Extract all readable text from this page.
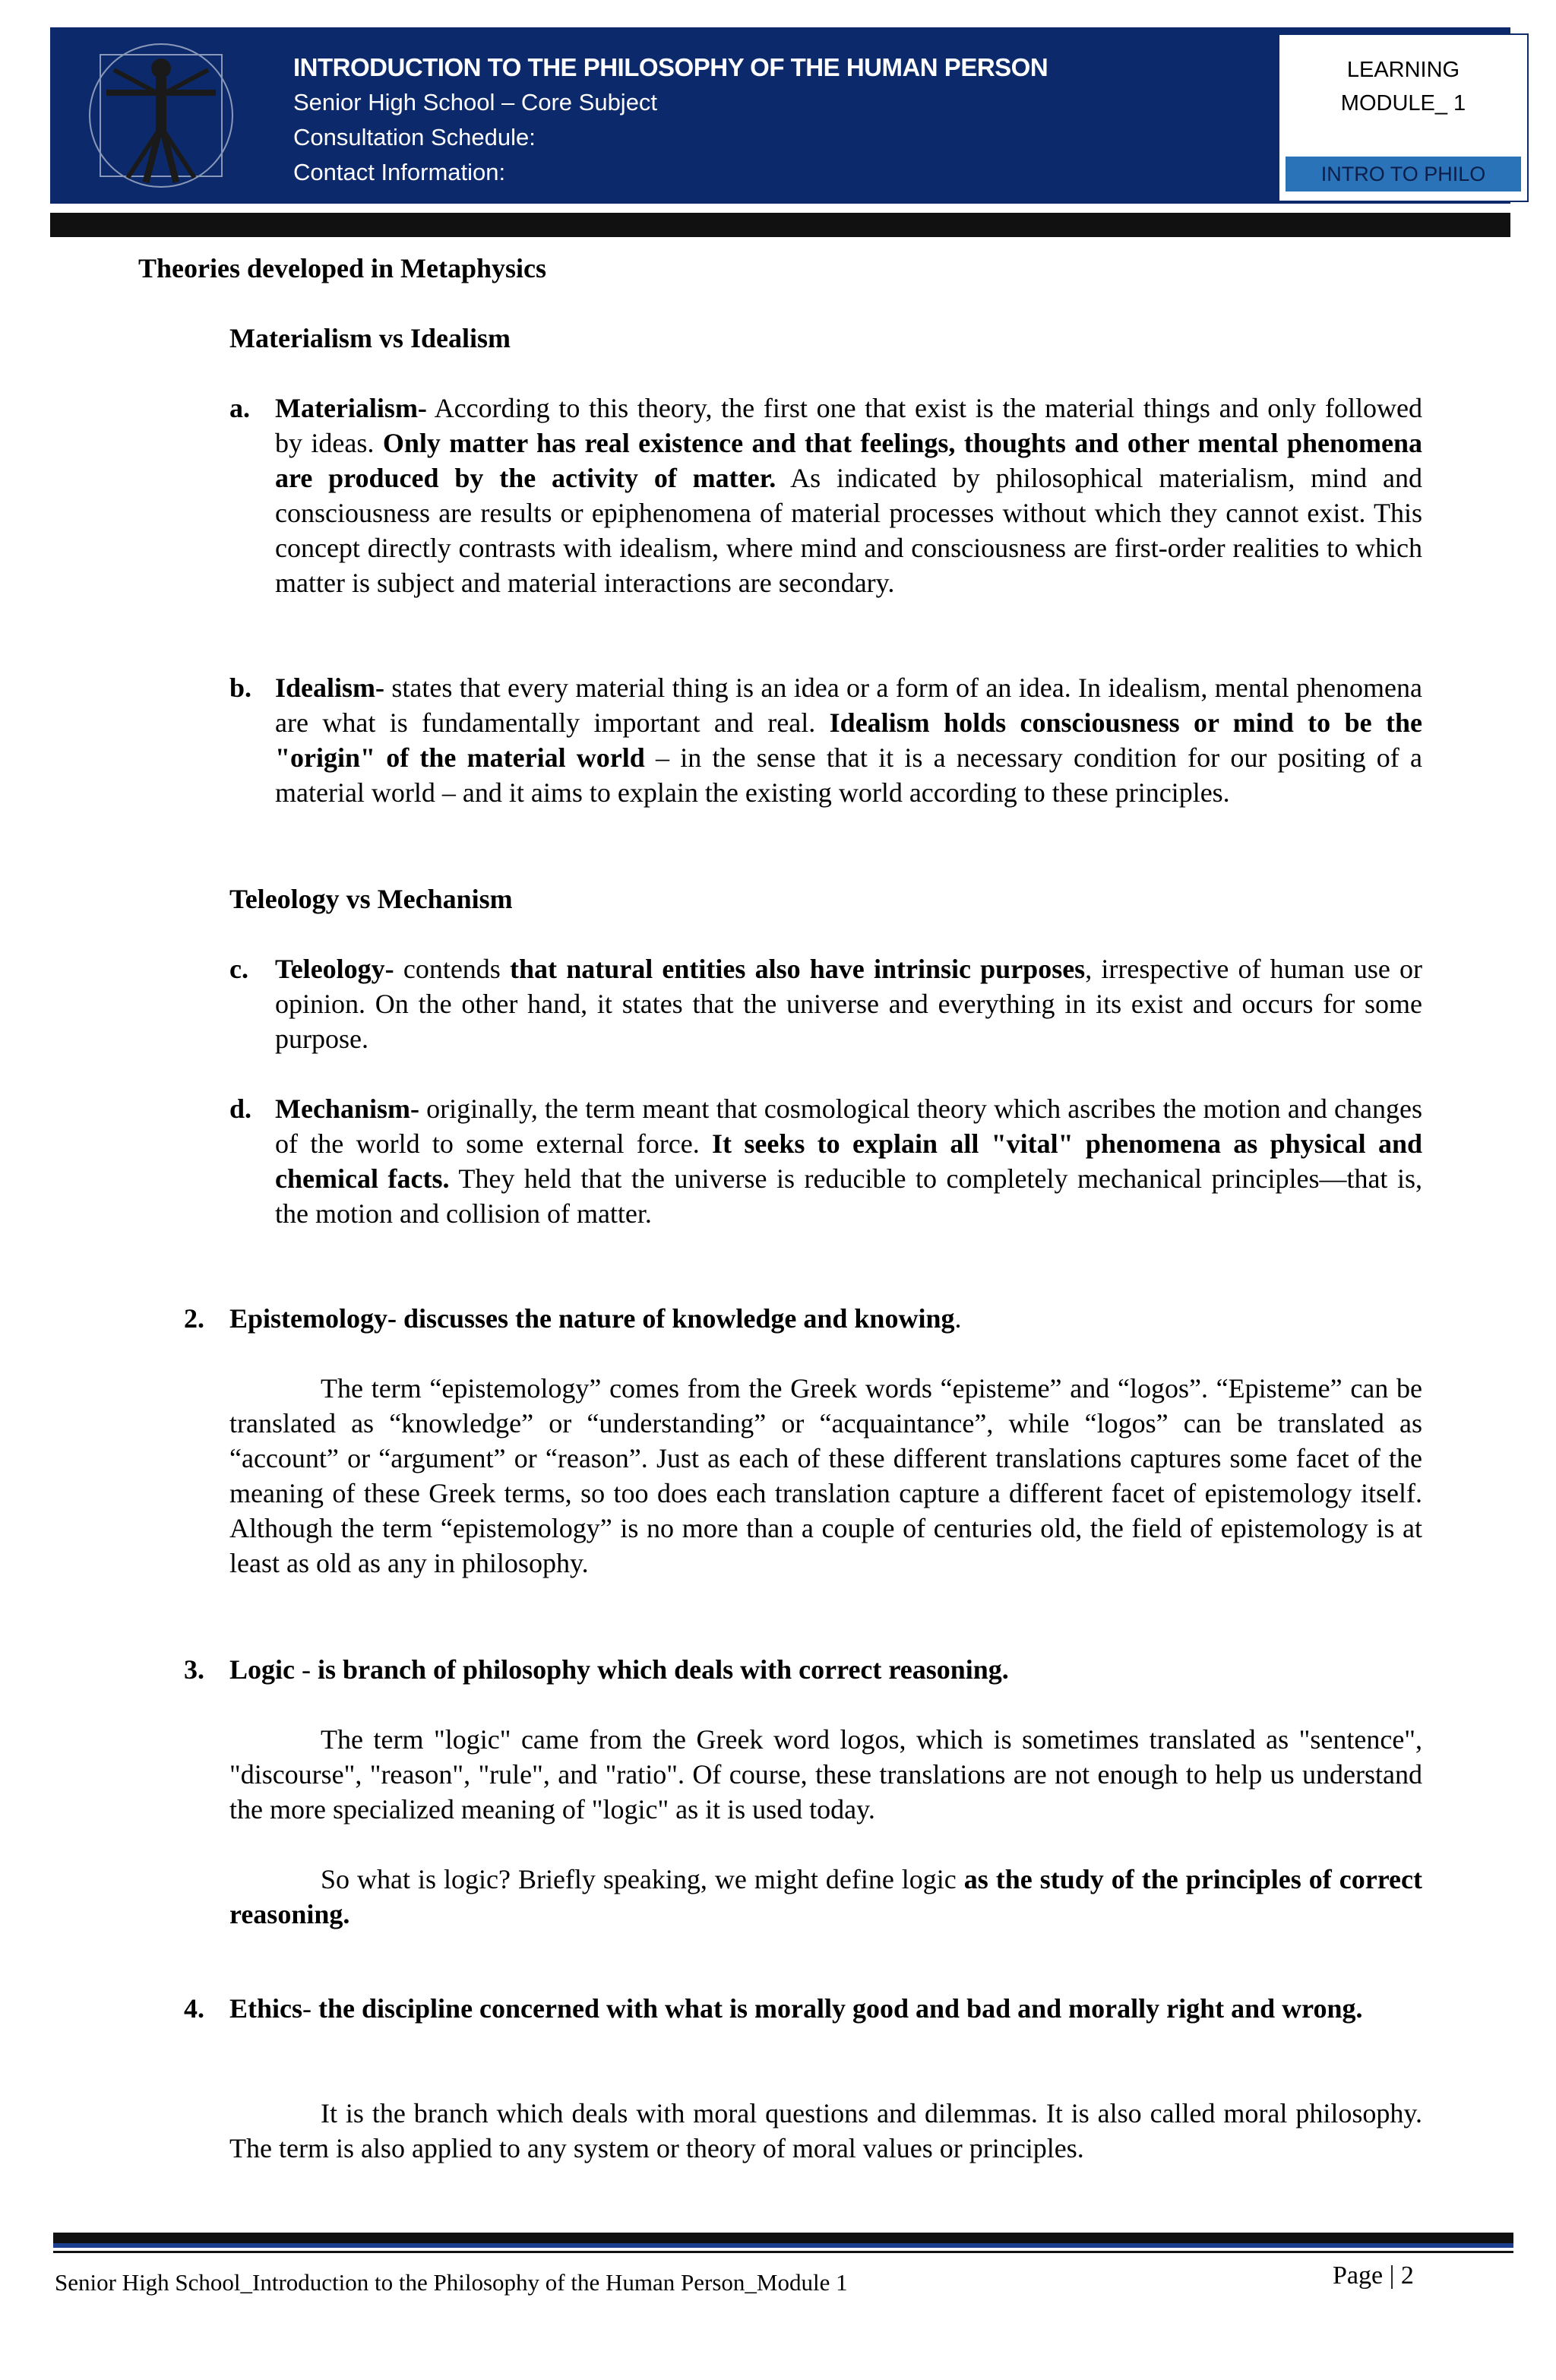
INTRODUCTION TO THE PHILOSOPHY OF THE HUMAN PERSON
Senior High School – Core Subject
Consultation Schedule:
Contact Information:
LEARNING
MODULE_ 1
INTRO TO PHILO

Theories developed in Metaphysics

Materialism vs Idealism

a. Materialism- According to this theory, the first one that exist is the material things and only followed by ideas. Only matter has real existence and that feelings, thoughts and other mental phenomena are produced by the activity of matter. As indicated by philosophical materialism, mind and consciousness are results or epiphenomena of material processes without which they cannot exist. This concept directly contrasts with idealism, where mind and consciousness are first-order realities to which matter is subject and material interactions are secondary.

b. Idealism- states that every material thing is an idea or a form of an idea. In idealism, mental phenomena are what is fundamentally important and real. Idealism holds consciousness or mind to be the "origin" of the material world – in the sense that it is a necessary condition for our positing of a material world – and it aims to explain the existing world according to these principles.

Teleology vs Mechanism

c. Teleology- contends that natural entities also have intrinsic purposes, irrespective of human use or opinion. On the other hand, it states that the universe and everything in its exist and occurs for some purpose.

d. Mechanism- originally, the term meant that cosmological theory which ascribes the motion and changes of the world to some external force. It seeks to explain all "vital" phenomena as physical and chemical facts. They held that the universe is reducible to completely mechanical principles—that is, the motion and collision of matter.

2. Epistemology- discusses the nature of knowledge and knowing.

The term “epistemology” comes from the Greek words “episteme” and “logos”. “Episteme” can be translated as “knowledge” or “understanding” or “acquaintance”, while “logos” can be translated as “account” or “argument” or “reason”. Just as each of these different translations captures some facet of the meaning of these Greek terms, so too does each translation capture a different facet of epistemology itself. Although the term “epistemology” is no more than a couple of centuries old, the field of epistemology is at least as old as any in philosophy.

3. Logic - is branch of philosophy which deals with correct reasoning.

The term "logic" came from the Greek word logos, which is sometimes translated as "sentence", "discourse", "reason", "rule", and "ratio". Of course, these translations are not enough to help us understand the more specialized meaning of "logic" as it is used today.

So what is logic? Briefly speaking, we might define logic as the study of the principles of correct reasoning.

4. Ethics- the discipline concerned with what is morally good and bad and morally right and wrong.

It is the branch which deals with moral questions and dilemmas. It is also called moral philosophy. The term is also applied to any system or theory of moral values or principles.

Senior High School_Introduction to the Philosophy of the Human Person_Module 1	Page | 2
